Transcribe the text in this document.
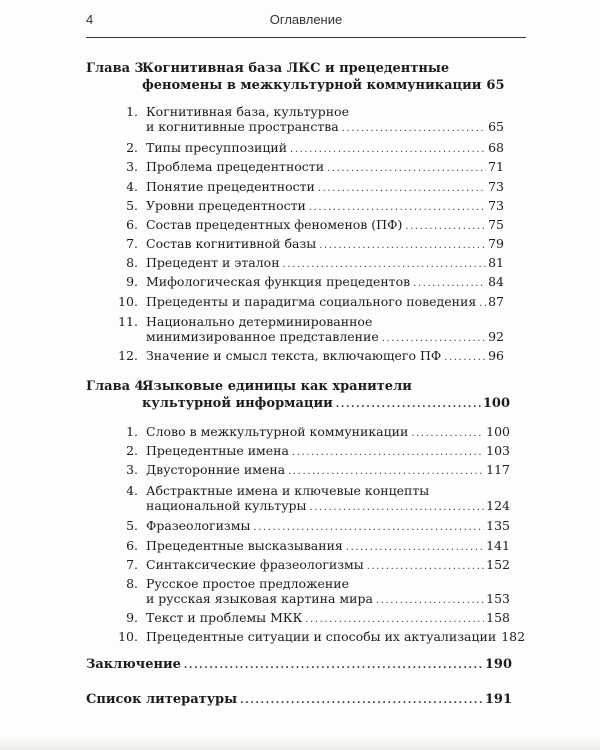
4	Оглавление
Глава 3.
Когнитивная база ЛКС и прецедентные
феномены в межкультурной коммуникации 65
1. Когнитивная база, культурное
и когнитивные пространства .....	65
2. Типы пресуппозиций .....	68
3. Проблема прецедентности .....	71
4. Понятие прецедентности .....	73
5. Уровни прецедентности .....	73
6. Состав прецедентных феноменов (ПФ) .....	75
7. Состав когнитивной базы .....	79
8. Прецедент и эталон .....	81
9. Мифологическая функция прецедентов .....	84
10. Прецеденты и парадигма социального поведения ..... 87
11. Национально детерминированное
минимизированное представление .....	92
12. Значение и смысл текста, включающего ПФ .....	96
Глава 4.
Языковые единицы как хранители
культурной информации .....	100
1. Слово в межкультурной коммуникации .....	100
2. Прецедентные имена .....	103
3. Двусторонние имена .....	117
4. Абстрактные имена и ключевые концепты
национальной культуры .....	124
5. Фразеологизмы .....	135
6. Прецедентные высказывания .....	141
7. Синтаксические фразеологизмы .....	152
8. Русское простое предложение
и русская языковая картина мира .....	153
9. Текст и проблемы МКК .....	158
10. Прецедентные ситуации и способы их актуализации 182
Заключение .....	190
Список литературы .....	191
